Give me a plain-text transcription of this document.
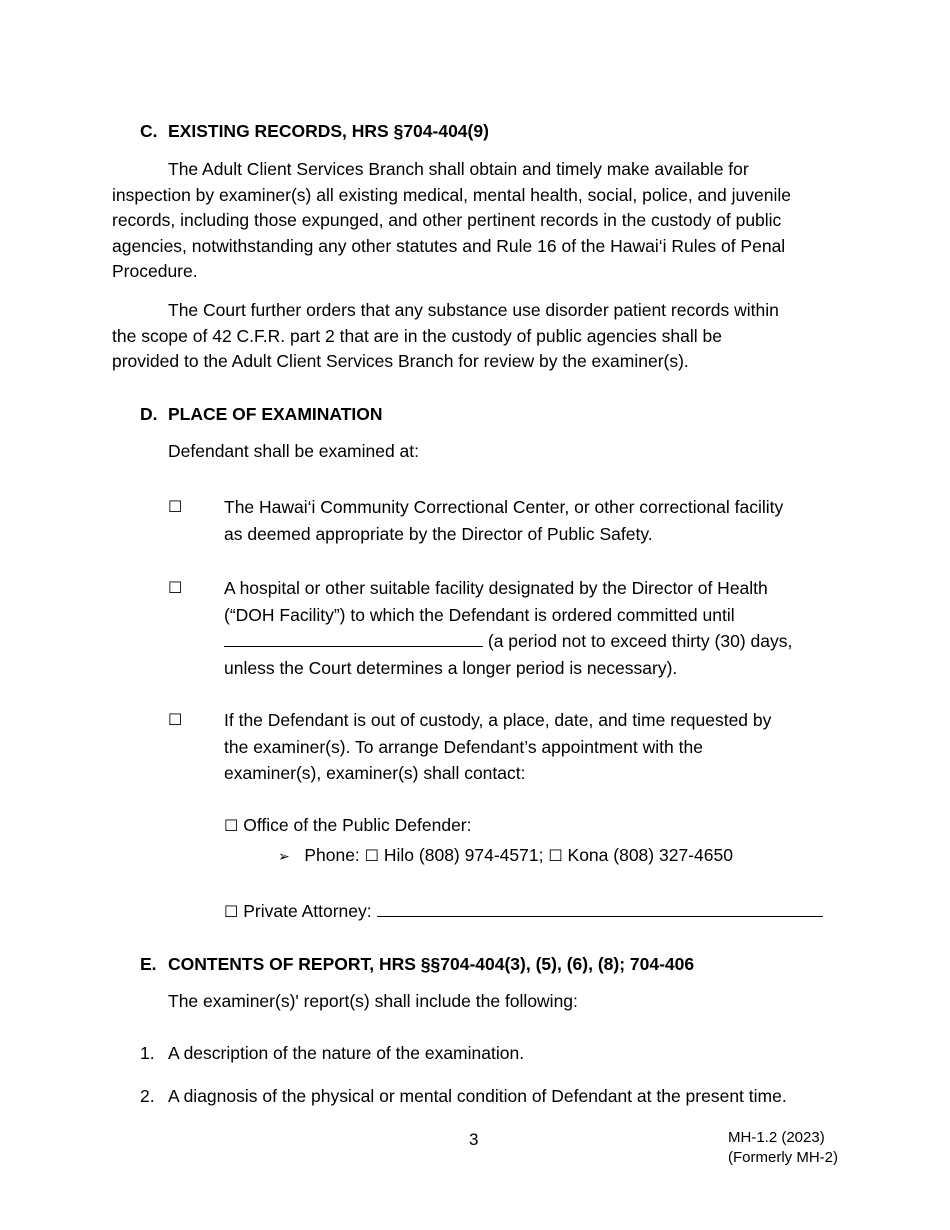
C. EXISTING RECORDS, HRS §704-404(9)
The Adult Client Services Branch shall obtain and timely make available for
inspection by examiner(s) all existing medical, mental health, social, police, and juvenile
records, including those expunged, and other pertinent records in the custody of public
agencies, notwithstanding any other statutes and Rule 16 of the Hawai‘i Rules of Penal
Procedure.
The Court further orders that any substance use disorder patient records within
the scope of 42 C.F.R. part 2 that are in the custody of public agencies shall be
provided to the Adult Client Services Branch for review by the examiner(s).
D. PLACE OF EXAMINATION
Defendant shall be examined at:
☐ The Hawai‘i Community Correctional Center, or other correctional facility
as deemed appropriate by the Director of Public Safety.
☐ A hospital or other suitable facility designated by the Director of Health
(“DOH Facility”) to which the Defendant is ordered committed until
(a period not to exceed thirty (30) days,
unless the Court determines a longer period is necessary).
☐ If the Defendant is out of custody, a place, date, and time requested by
the examiner(s). To arrange Defendant’s appointment with the
examiner(s), examiner(s) shall contact:
☐ Office of the Public Defender:
➢ Phone: ☐ Hilo (808) 974-4571; ☐ Kona (808) 327-4650
☐ Private Attorney:
E. CONTENTS OF REPORT, HRS §§704-404(3), (5), (6), (8); 704-406
The examiner(s)' report(s) shall include the following:
1. A description of the nature of the examination.
2. A diagnosis of the physical or mental condition of Defendant at the present time.
3	MH-1.2 (2023)
(Formerly MH-2)
